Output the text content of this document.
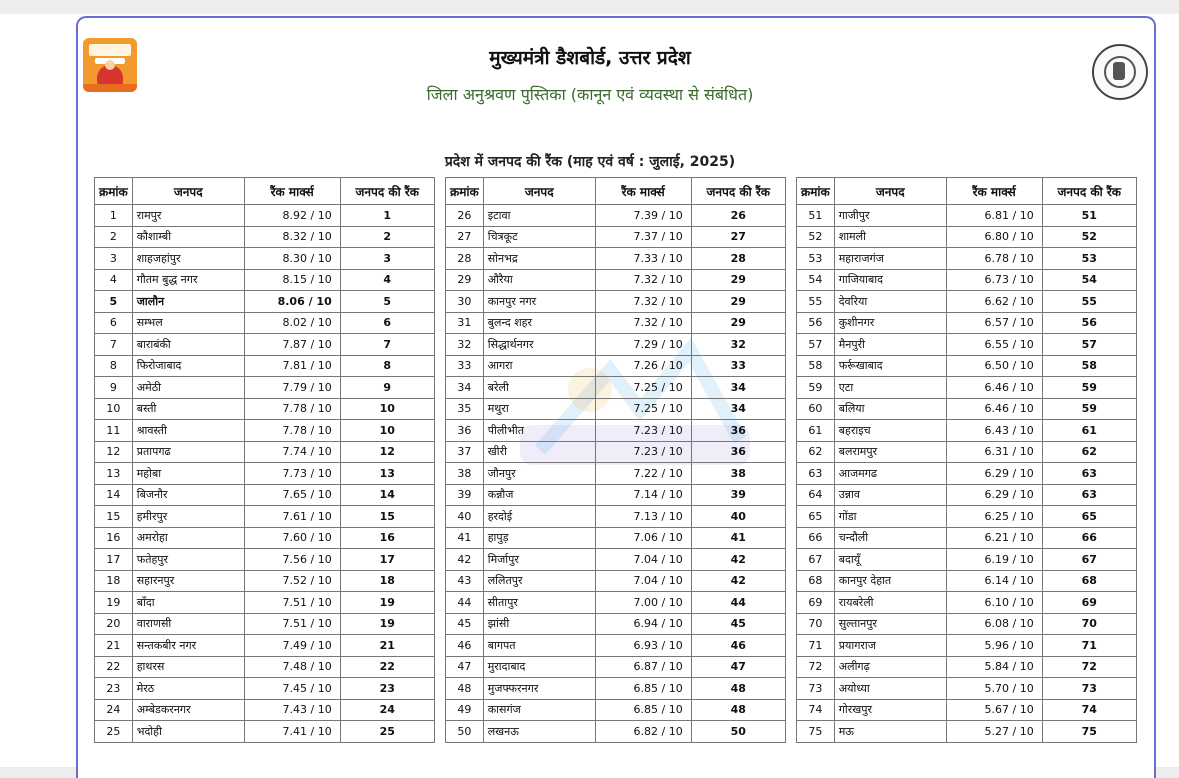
मुख्यमंत्री डैशबोर्ड, उत्तर प्रदेश
जिला अनुश्रवण पुस्तिका (कानून एवं व्यवस्था से संबंधित)
प्रदेश में जनपद की रैंक (माह एवं वर्ष : जुलाई, 2025)
क्रमांक	जनपद	रैंक मार्क्स	जनपद की रैंक
1	रामपुर	8.92 / 10	1
2	कौशाम्बी	8.32 / 10	2
3	शाहजहांपुर	8.30 / 10	3
4	गौतम बुद्ध नगर	8.15 / 10	4
5	जालौन	8.06 / 10	5
6	सम्भल	8.02 / 10	6
7	बाराबंकी	7.87 / 10	7
8	फिरोजाबाद	7.81 / 10	8
9	अमेठी	7.79 / 10	9
10	बस्ती	7.78 / 10	10
11	श्रावस्ती	7.78 / 10	10
12	प्रतापगढ	7.74 / 10	12
13	महोबा	7.73 / 10	13
14	बिजनौर	7.65 / 10	14
15	हमीरपुर	7.61 / 10	15
16	अमरोहा	7.60 / 10	16
17	फतेहपुर	7.56 / 10	17
18	सहारनपुर	7.52 / 10	18
19	बाँदा	7.51 / 10	19
20	वाराणसी	7.51 / 10	19
21	सन्तकबीर नगर	7.49 / 10	21
22	हाथरस	7.48 / 10	22
23	मेरठ	7.45 / 10	23
24	अम्बेडकरनगर	7.43 / 10	24
25	भदोही	7.41 / 10	25
क्रमांक	जनपद	रैंक मार्क्स	जनपद की रैंक
26	इटावा	7.39 / 10	26
27	चित्रकूट	7.37 / 10	27
28	सोनभद्र	7.33 / 10	28
29	औरैया	7.32 / 10	29
30	कानपुर नगर	7.32 / 10	29
31	बुलन्द शहर	7.32 / 10	29
32	सिद्धार्थनगर	7.29 / 10	32
33	आगरा	7.26 / 10	33
34	बरेली	7.25 / 10	34
35	मथुरा	7.25 / 10	34
36	पीलीभीत	7.23 / 10	36
37	खीरी	7.23 / 10	36
38	जौनपुर	7.22 / 10	38
39	कन्नौज	7.14 / 10	39
40	हरदोई	7.13 / 10	40
41	हापुड़	7.06 / 10	41
42	मिर्जापुर	7.04 / 10	42
43	ललितपुर	7.04 / 10	42
44	सीतापुर	7.00 / 10	44
45	झांसी	6.94 / 10	45
46	बागपत	6.93 / 10	46
47	मुरादाबाद	6.87 / 10	47
48	मुजफ्फरनगर	6.85 / 10	48
49	कासगंज	6.85 / 10	48
50	लखनऊ	6.82 / 10	50
क्रमांक	जनपद	रैंक मार्क्स	जनपद की रैंक
51	गाजीपुर	6.81 / 10	51
52	शामली	6.80 / 10	52
53	महाराजगंज	6.78 / 10	53
54	गाजियाबाद	6.73 / 10	54
55	देवरिया	6.62 / 10	55
56	कुशीनगर	6.57 / 10	56
57	मैनपुरी	6.55 / 10	57
58	फर्रूखाबाद	6.50 / 10	58
59	एटा	6.46 / 10	59
60	बलिया	6.46 / 10	59
61	बहराइच	6.43 / 10	61
62	बलरामपुर	6.31 / 10	62
63	आजमगढ	6.29 / 10	63
64	उन्नाव	6.29 / 10	63
65	गोंडा	6.25 / 10	65
66	चन्दौली	6.21 / 10	66
67	बदायूँ	6.19 / 10	67
68	कानपुर देहात	6.14 / 10	68
69	रायबरेली	6.10 / 10	69
70	सुल्तानपुर	6.08 / 10	70
71	प्रयागराज	5.96 / 10	71
72	अलीगढ़	5.84 / 10	72
73	अयोध्या	5.70 / 10	73
74	गोरखपुर	5.67 / 10	74
75	मऊ	5.27 / 10	75
